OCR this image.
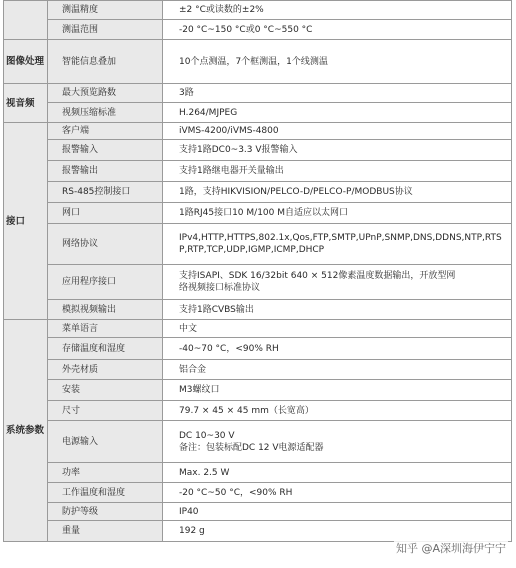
	测温精度	±2 °C或读数的±2%

	测温范围	-20 °C~150 °C或0 °C~550 °C

图像处理	智能信息叠加	10个点测温，7个框测温，1个线测温

视音频	最大预览路数	3路

	视频压缩标准	H.264/MJPEG

接口	客户端	iVMS-4200/iVMS-4800

	报警输入	支持1路DC0~3.3 V报警输入

	报警输出	支持1路继电器开关量输出

	RS-485控制接口	1路，支持HIKVISION/PELCO-D/PELCO-P/MODBUS协议

	网口	1路RJ45接口10 M/100 M自适应以太网口

	网络协议	IPv4,HTTP,HTTPS,802.1x,Qos,FTP,SMTP,UPnP,SNMP,DNS,DDNS,NTP,RTS
P,RTP,TCP,UDP,IGMP,ICMP,DHCP

	应用程序接口	支持ISAPI、SDK 16/32bit 640 × 512像素温度数据输出，开放型网
络视频接口标准协议

	模拟视频输出	支持1路CVBS输出

系统参数	菜单语言	中文

	存储温度和湿度	-40~70 °C，<90% RH

	外壳材质	铝合金

	安装	M3螺纹口

	尺寸	79.7 × 45 × 45 mm（长宽高）

	电源输入	DC 10~30 V
备注：包装标配DC 12 V电源适配器

	功率	Max. 2.5 W

	工作温度和湿度	-20 °C~50 °C，<90% RH

	防护等级	IP40

	重量	192 g
知乎 @A深圳海伊宁宁
